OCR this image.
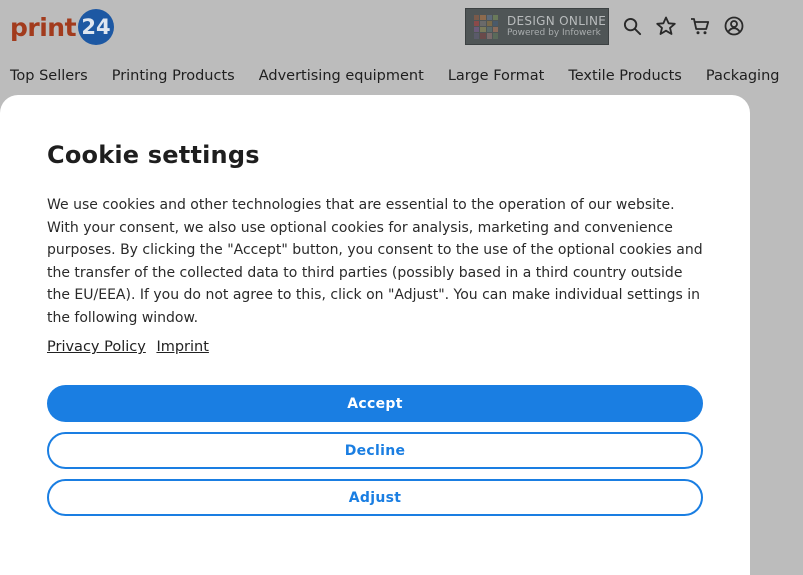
print 24	DESIGN ONLINE
Powered by Infowerk
Top Sellers Printing Products Advertising equipment Large Format Textile Products Packaging
Cookie settings

We use cookies and other technologies that are essential to the operation of our website. With your consent, we also use optional cookies for analysis, marketing and convenience purposes. By clicking the "Accept" button, you consent to the use of the optional cookies and the transfer of the collected data to third parties (possibly based in a third country outside the EU/EEA). If you do not agree to this, click on "Adjust". You can make individual settings in the following window.

Privacy Policy Imprint
Accept
Decline
Adjust
